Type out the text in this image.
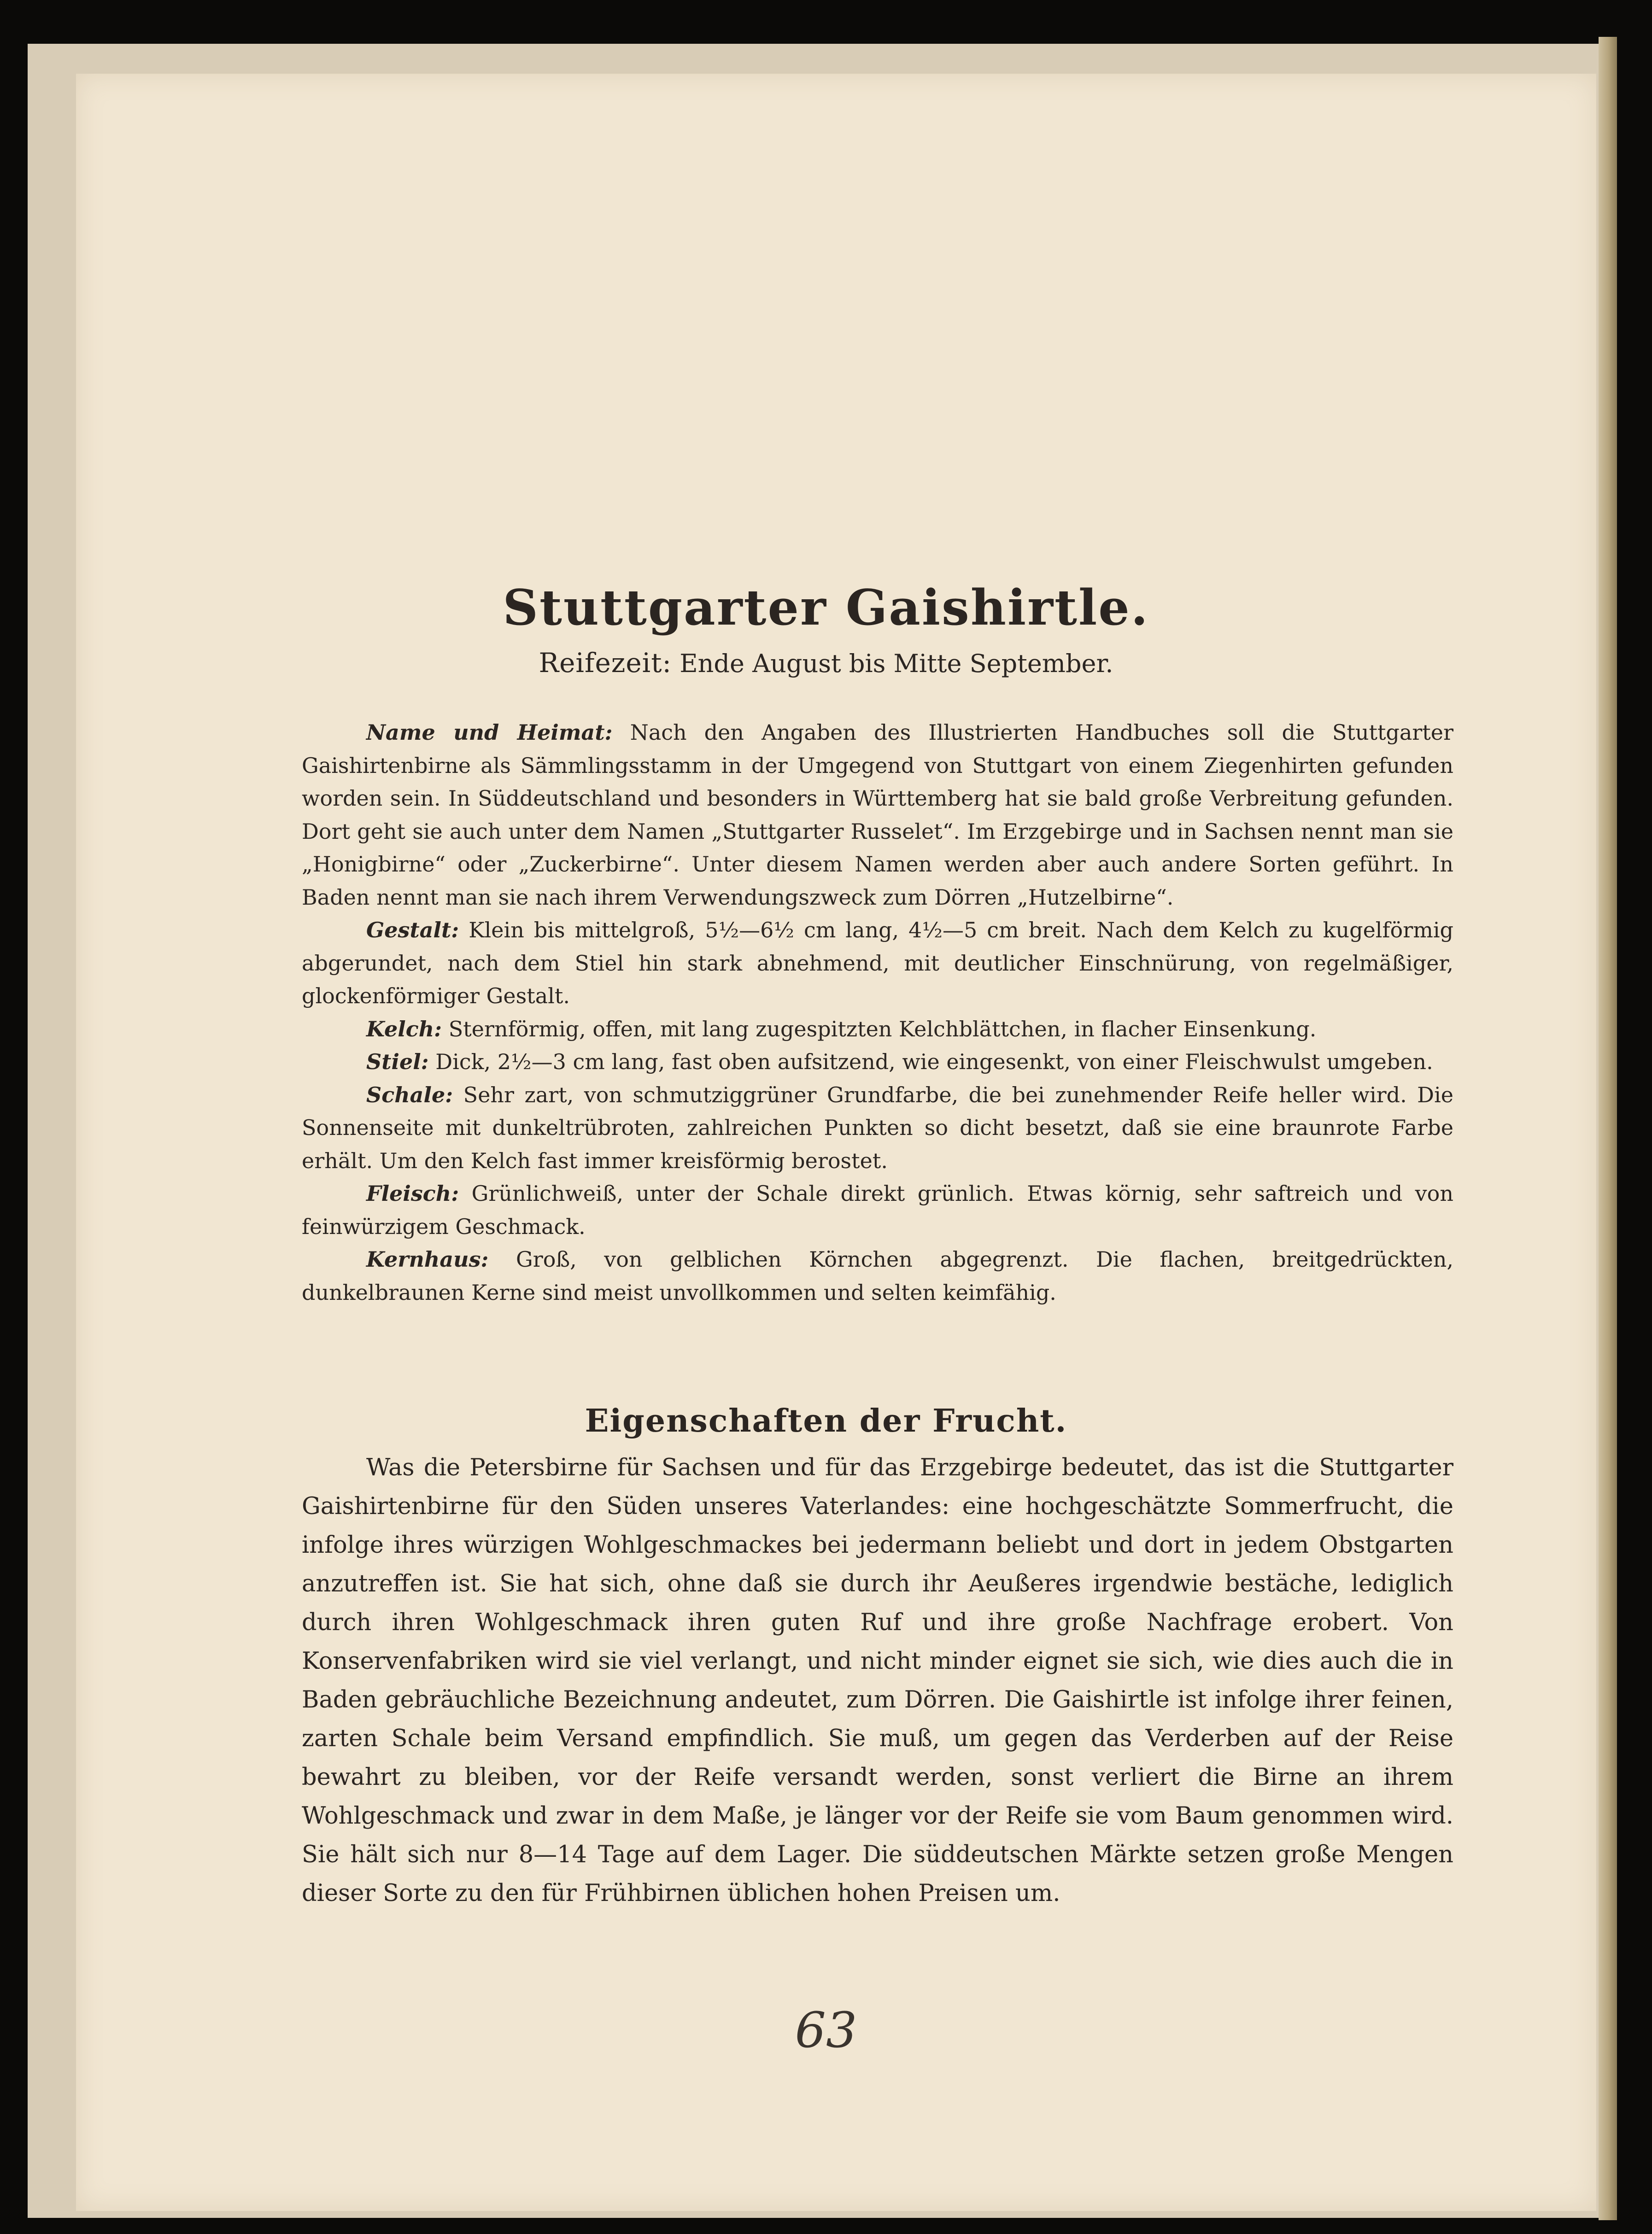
Stuttgarter Gaishirtle.
Reifezeit: Ende August bis Mitte September.

Name und Heimat: Nach den Angaben des Illustrierten Handbuches soll die Stuttgarter Gaishirtenbirne als Sämmlingsstamm in der Umgegend von Stuttgart von einem Ziegenhirten gefunden worden sein. In Süddeutschland und besonders in Württemberg hat sie bald große Verbreitung gefunden. Dort geht sie auch unter dem Namen „Stuttgarter Russelet“. Im Erzgebirge und in Sachsen nennt man sie „Honigbirne“ oder „Zuckerbirne“. Unter diesem Namen werden aber auch andere Sorten geführt. In Baden nennt man sie nach ihrem Verwendungszweck zum Dörren „Hutzelbirne“.

Gestalt: Klein bis mittelgroß, 5½—6½ cm lang, 4½—5 cm breit. Nach dem Kelch zu kugelförmig abgerundet, nach dem Stiel hin stark abnehmend, mit deutlicher Einschnürung, von regelmäßiger, glockenförmiger Gestalt.

Kelch: Sternförmig, offen, mit lang zugespitzten Kelchblättchen, in flacher Einsenkung.

Stiel: Dick, 2½—3 cm lang, fast oben aufsitzend, wie eingesenkt, von einer Fleischwulst umgeben.

Schale: Sehr zart, von schmutziggrüner Grundfarbe, die bei zunehmender Reife heller wird. Die Sonnenseite mit dunkeltrübroten, zahlreichen Punkten so dicht besetzt, daß sie eine braunrote Farbe erhält. Um den Kelch fast immer kreisförmig berostet.

Fleisch: Grünlichweiß, unter der Schale direkt grünlich. Etwas körnig, sehr saftreich und von feinwürzigem Geschmack.

Kernhaus: Groß, von gelblichen Körnchen abgegrenzt. Die flachen, breitgedrückten, dunkelbraunen Kerne sind meist unvollkommen und selten keimfähig.

Eigenschaften der Frucht.

Was die Petersbirne für Sachsen und für das Erzgebirge bedeutet, das ist die Stuttgarter Gaishirtenbirne für den Süden unseres Vaterlandes: eine hochgeschätzte Sommerfrucht, die infolge ihres würzigen Wohlgeschmackes bei jedermann beliebt und dort in jedem Obstgarten anzutreffen ist. Sie hat sich, ohne daß sie durch ihr Aeußeres irgendwie bestäche, lediglich durch ihren Wohlgeschmack ihren guten Ruf und ihre große Nachfrage erobert. Von Konservenfabriken wird sie viel verlangt, und nicht minder eignet sie sich, wie dies auch die in Baden gebräuchliche Bezeichnung andeutet, zum Dörren. Die Gaishirtle ist infolge ihrer feinen, zarten Schale beim Versand empfindlich. Sie muß, um gegen das Verderben auf der Reise bewahrt zu bleiben, vor der Reife versandt werden, sonst verliert die Birne an ihrem Wohlgeschmack und zwar in dem Maße, je länger vor der Reife sie vom Baum genommen wird. Sie hält sich nur 8—14 Tage auf dem Lager. Die süddeutschen Märkte setzen große Mengen dieser Sorte zu den für Frühbirnen üblichen hohen Preisen um.

63
